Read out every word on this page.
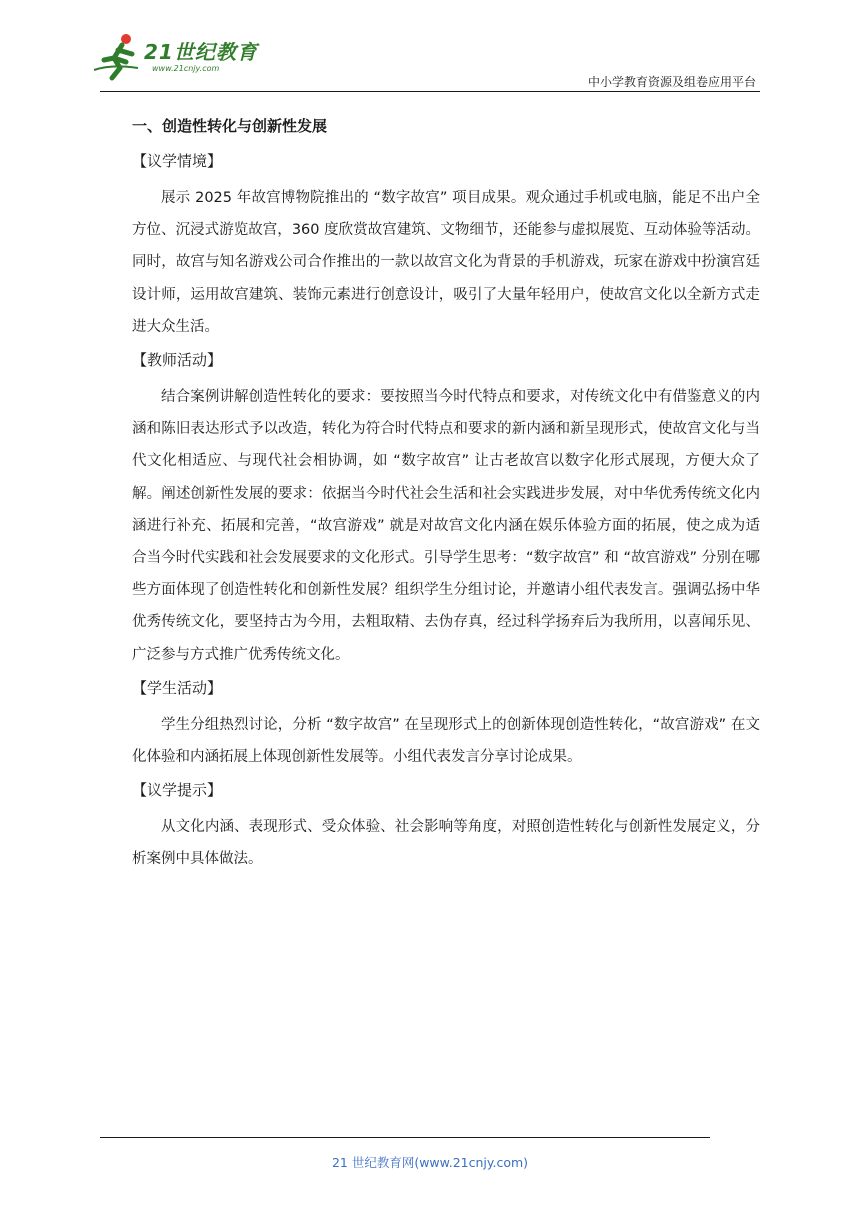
21世纪教育
www.21cnjy.com
中小学教育资源及组卷应用平台

一、创造性转化与创新性发展

【议学情境】

展示 2025 年故宫博物院推出的 “数字故宫” 项目成果。观众通过手机或电脑，能足不出户全方位、沉浸式游览故宫，360 度欣赏故宫建筑、文物细节，还能参与虚拟展览、互动体验等活动。同时，故宫与知名游戏公司合作推出的一款以故宫文化为背景的手机游戏，玩家在游戏中扮演宫廷设计师，运用故宫建筑、装饰元素进行创意设计，吸引了大量年轻用户，使故宫文化以全新方式走进大众生活。

【教师活动】

结合案例讲解创造性转化的要求：要按照当今时代特点和要求，对传统文化中有借鉴意义的内涵和陈旧表达形式予以改造，转化为符合时代特点和要求的新内涵和新呈现形式，使故宫文化与当代文化相适应、与现代社会相协调，如 “数字故宫” 让古老故宫以数字化形式展现，方便大众了解。阐述创新性发展的要求：依据当今时代社会生活和社会实践进步发展，对中华优秀传统文化内涵进行补充、拓展和完善，“故宫游戏” 就是对故宫文化内涵在娱乐体验方面的拓展，使之成为适合当今时代实践和社会发展要求的文化形式。引导学生思考：“数字故宫” 和 “故宫游戏” 分别在哪些方面体现了创造性转化和创新性发展？组织学生分组讨论，并邀请小组代表发言。强调弘扬中华优秀传统文化，要坚持古为今用，去粗取精、去伪存真，经过科学扬弃后为我所用，以喜闻乐见、广泛参与方式推广优秀传统文化。

【学生活动】

学生分组热烈讨论，分析 “数字故宫” 在呈现形式上的创新体现创造性转化，“故宫游戏” 在文化体验和内涵拓展上体现创新性发展等。小组代表发言分享讨论成果。

【议学提示】

从文化内涵、表现形式、受众体验、社会影响等角度，对照创造性转化与创新性发展定义，分析案例中具体做法。

21 世纪教育网(www.21cnjy.com)
